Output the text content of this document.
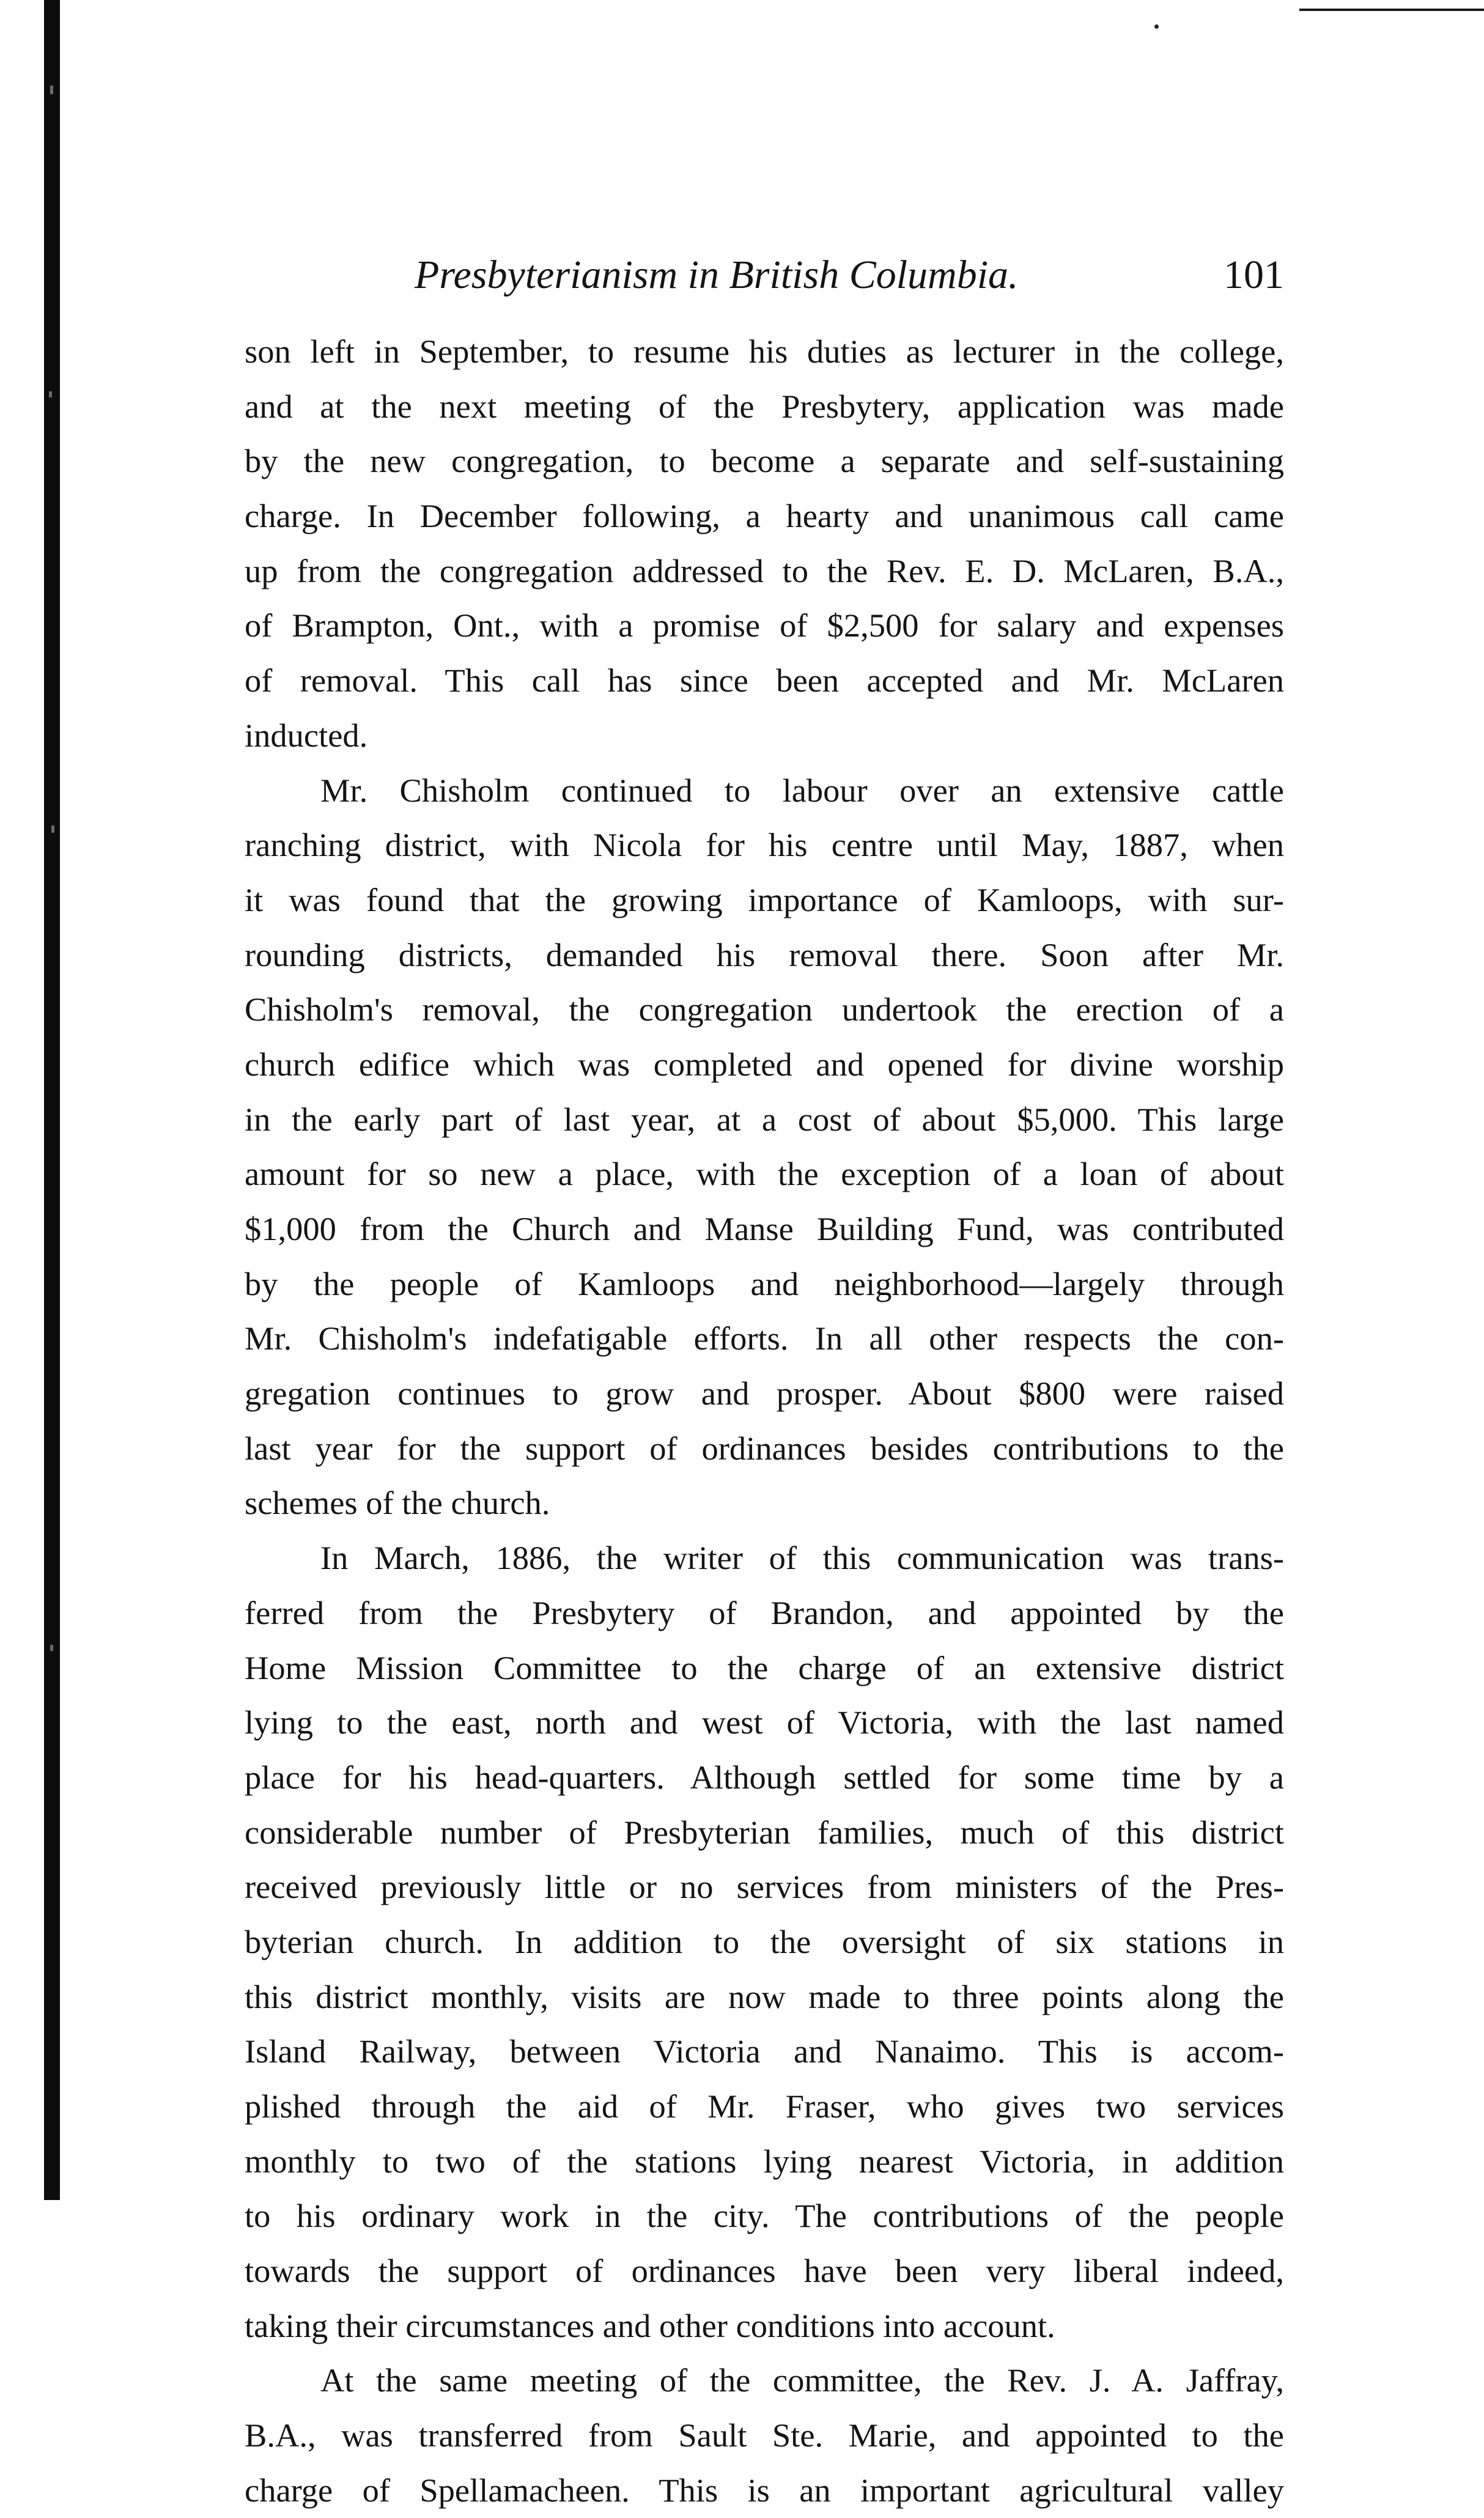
Presbyterianism in British Columbia.	101
son left in September, to resume his duties as lecturer in the college,
and at the next meeting of the Presbytery, application was made
by the new congregation, to become a separate and self-sustaining
charge. In December following, a hearty and unanimous call came
up from the congregation addressed to the Rev. E. D. McLaren, B.A.,
of Brampton, Ont., with a promise of $2,500 for salary and expenses
of removal. This call has since been accepted and Mr. McLaren
inducted.
Mr. Chisholm continued to labour over an extensive cattle
ranching district, with Nicola for his centre until May, 1887, when
it was found that the growing importance of Kamloops, with sur-
rounding districts, demanded his removal there. Soon after Mr.
Chisholm's removal, the congregation undertook the erection of a
church edifice which was completed and opened for divine worship
in the early part of last year, at a cost of about $5,000. This large
amount for so new a place, with the exception of a loan of about
$1,000 from the Church and Manse Building Fund, was contributed
by the people of Kamloops and neighborhood—largely through
Mr. Chisholm's indefatigable efforts. In all other respects the con-
gregation continues to grow and prosper. About $800 were raised
last year for the support of ordinances besides contributions to the
schemes of the church.
In March, 1886, the writer of this communication was trans-
ferred from the Presbytery of Brandon, and appointed by the
Home Mission Committee to the charge of an extensive district
lying to the east, north and west of Victoria, with the last named
place for his head-quarters. Although settled for some time by a
considerable number of Presbyterian families, much of this district
received previously little or no services from ministers of the Pres-
byterian church. In addition to the oversight of six stations in
this district monthly, visits are now made to three points along the
Island Railway, between Victoria and Nanaimo. This is accom-
plished through the aid of Mr. Fraser, who gives two services
monthly to two of the stations lying nearest Victoria, in addition
to his ordinary work in the city. The contributions of the people
towards the support of ordinances have been very liberal indeed,
taking their circumstances and other conditions into account.
At the same meeting of the committee, the Rev. J. A. Jaffray,
B.A., was transferred from Sault Ste. Marie, and appointed to the
charge of Spellamacheen. This is an important agricultural valley
